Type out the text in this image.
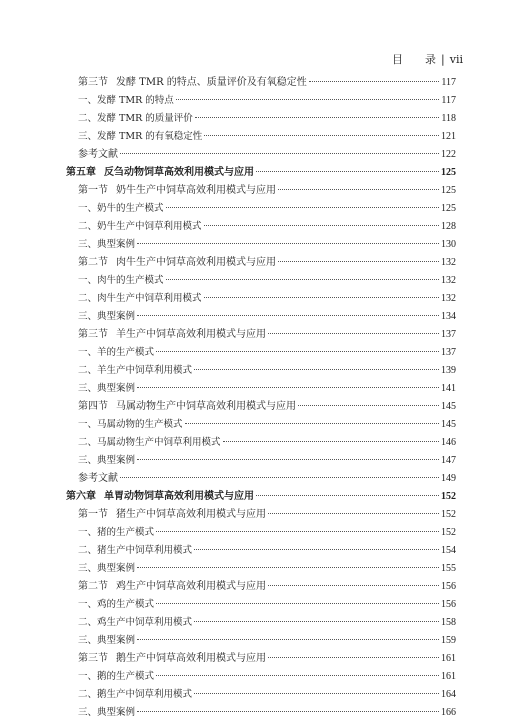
目 录 | vii
第三节 发酵 TMR 的特点、质量评价及有氧稳定性	117
一、发酵 TMR 的特点	117
二、发酵 TMR 的质量评价	118
三、发酵 TMR 的有氧稳定性	121
参考文献	122
第五章 反刍动物饲草高效利用模式与应用	125
第一节 奶牛生产中饲草高效利用模式与应用	125
一、奶牛的生产模式	125
二、奶牛生产中饲草利用模式	128
三、典型案例	130
第二节 肉牛生产中饲草高效利用模式与应用	132
一、肉牛的生产模式	132
二、肉牛生产中饲草利用模式	132
三、典型案例	134
第三节 羊生产中饲草高效利用模式与应用	137
一、羊的生产模式	137
二、羊生产中饲草利用模式	139
三、典型案例	141
第四节 马属动物生产中饲草高效利用模式与应用	145
一、马属动物的生产模式	145
二、马属动物生产中饲草利用模式	146
三、典型案例	147
参考文献	149
第六章 单胃动物饲草高效利用模式与应用	152
第一节 猪生产中饲草高效利用模式与应用	152
一、猪的生产模式	152
二、猪生产中饲草利用模式	154
三、典型案例	155
第二节 鸡生产中饲草高效利用模式与应用	156
一、鸡的生产模式	156
二、鸡生产中饲草利用模式	158
三、典型案例	159
第三节 鹅生产中饲草高效利用模式与应用	161
一、鹅的生产模式	161
二、鹅生产中饲草利用模式	164
三、典型案例	166
